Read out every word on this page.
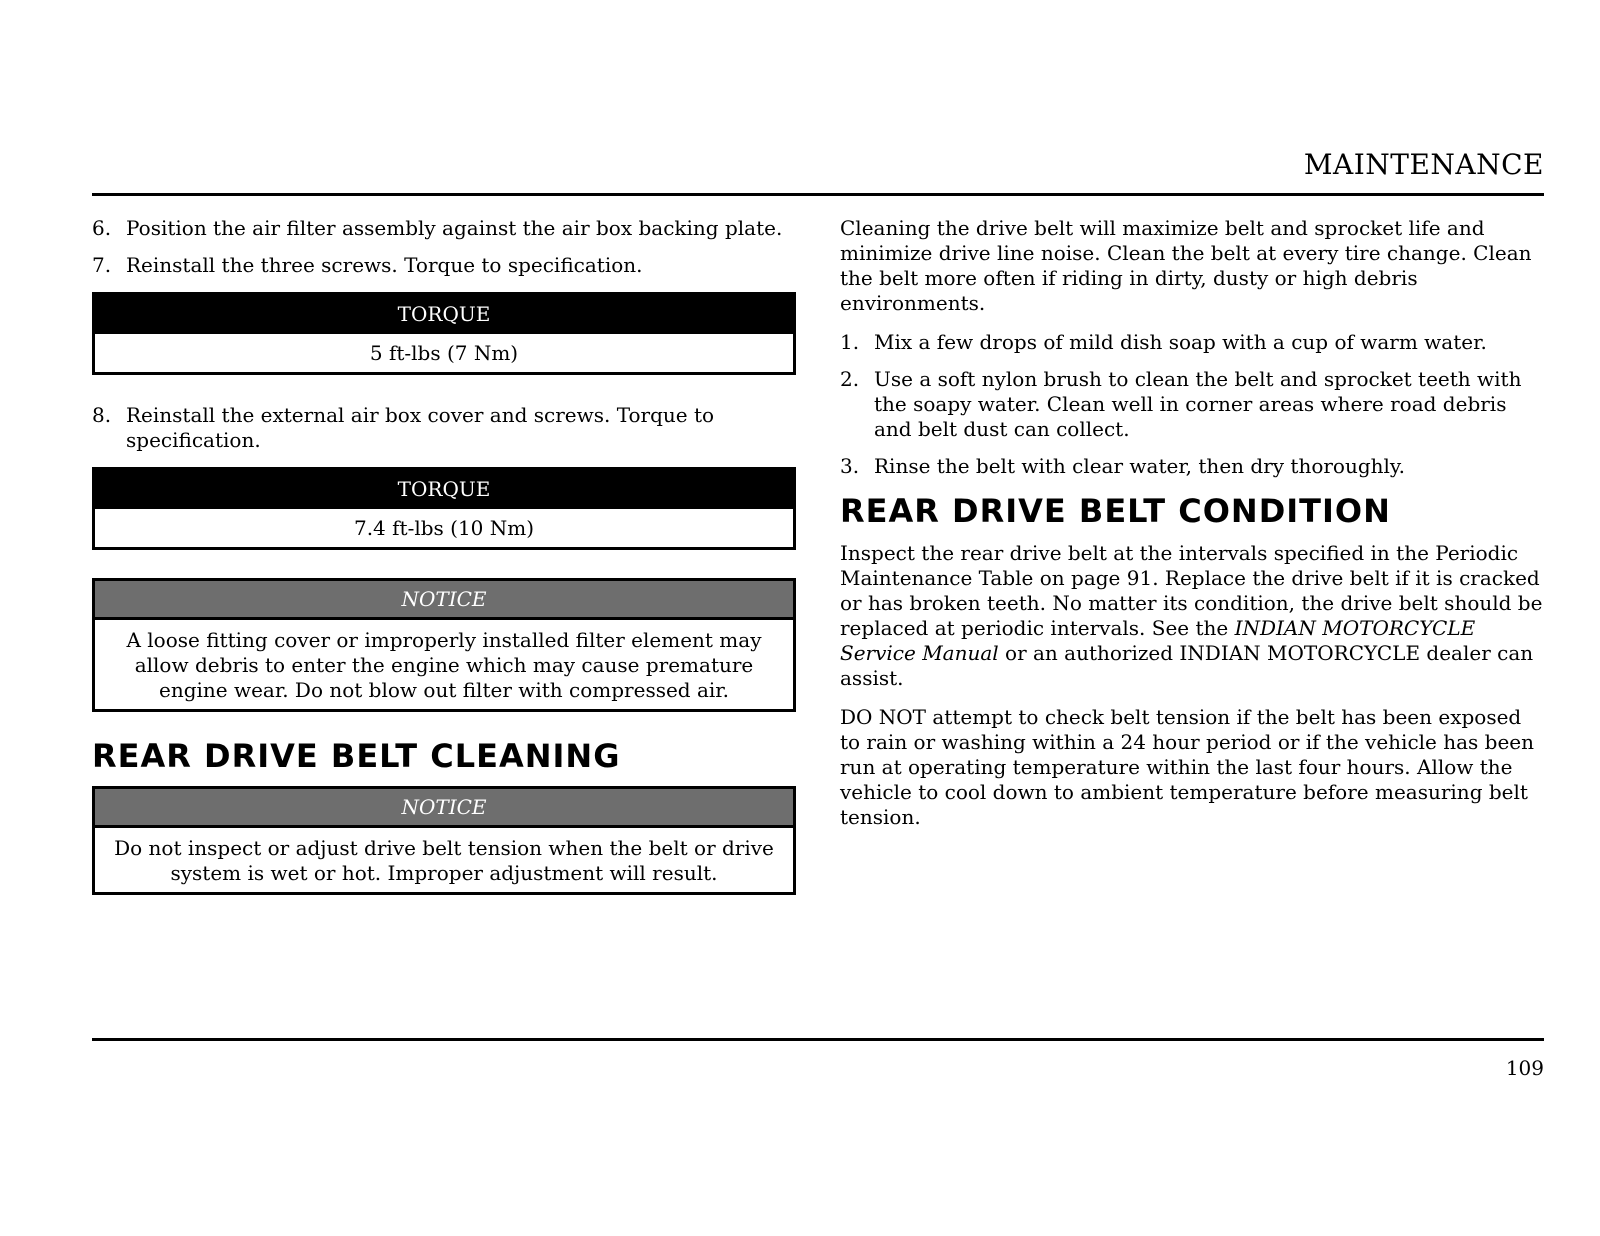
MAINTENANCE
6. Position the air filter assembly against the air box backing plate.
7. Reinstall the three screws. Torque to specification.
TORQUE
5 ft-lbs (7 Nm)
8. Reinstall the external air box cover and screws. Torque to specification.
TORQUE
7.4 ft-lbs (10 Nm)
NOTICE
A loose fitting cover or improperly installed filter element may allow debris to enter the engine which may cause premature engine wear. Do not blow out filter with compressed air.
REAR DRIVE BELT CLEANING
NOTICE
Do not inspect or adjust drive belt tension when the belt or drive system is wet or hot. Improper adjustment will result.

Cleaning the drive belt will maximize belt and sprocket life and minimize drive line noise. Clean the belt at every tire change. Clean the belt more often if riding in dirty, dusty or high debris environments.

1. Mix a few drops of mild dish soap with a cup of warm water.
2. Use a soft nylon brush to clean the belt and sprocket teeth with the soapy water. Clean well in corner areas where road debris and belt dust can collect.
3. Rinse the belt with clear water, then dry thoroughly.
REAR DRIVE BELT CONDITION

Inspect the rear drive belt at the intervals specified in the Periodic Maintenance Table on page 91. Replace the drive belt if it is cracked or has broken teeth. No matter its condition, the drive belt should be replaced at periodic intervals. See the INDIAN MOTORCYCLE Service Manual or an authorized INDIAN MOTORCYCLE dealer can assist.

DO NOT attempt to check belt tension if the belt has been exposed to rain or washing within a 24 hour period or if the vehicle has been run at operating temperature within the last four hours. Allow the vehicle to cool down to ambient temperature before measuring belt tension.

109
